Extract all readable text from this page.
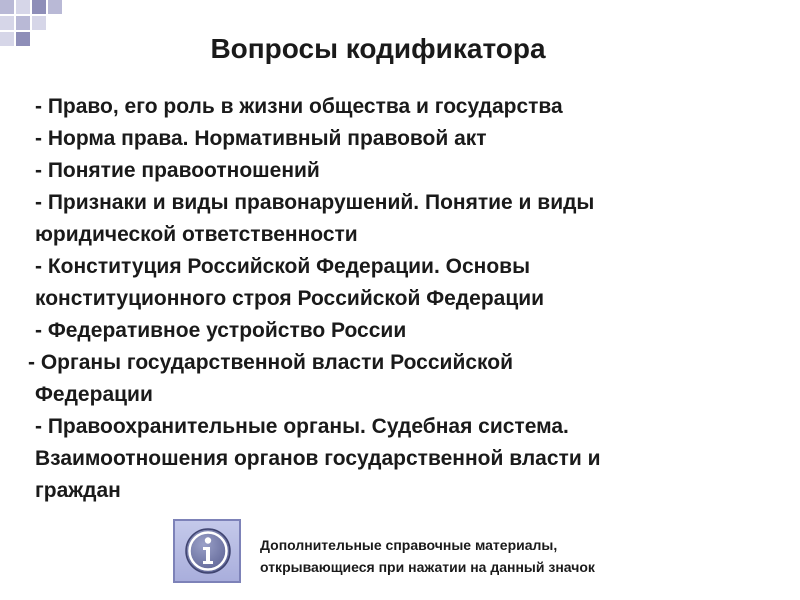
Вопросы кодификатора
- Право, его роль в жизни общества и государства
- Норма права. Нормативный правовой акт
- Понятие правоотношений
- Признаки и виды правонарушений. Понятие и виды
юридической ответственности
- Конституция Российской Федерации. Основы
конституционного строя Российской Федерации
- Федеративное устройство России
- Органы государственной власти Российской
Федерации
- Правоохранительные органы. Судебная система.
Взаимоотношения органов государственной власти и
граждан
Дополнительные справочные материалы,
открывающиеся при нажатии на данный значок
